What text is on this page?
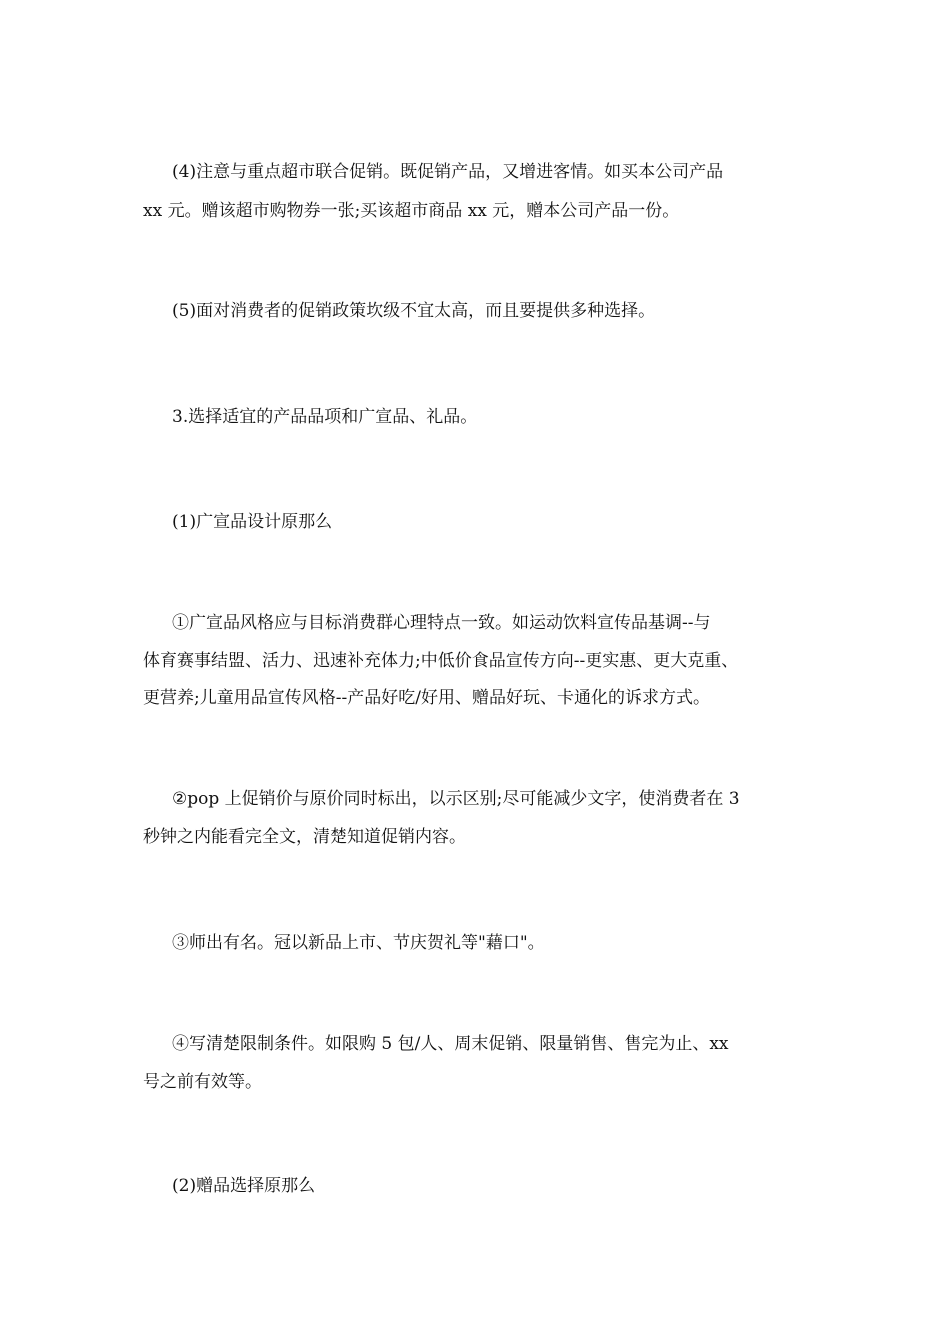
(4)注意与重点超市联合促销。既促销产品，又增进客情。如买本公司产品
xx 元。赠该超市购物券一张;买该超市商品 xx 元，赠本公司产品一份。
(5)面对消费者的促销政策坎级不宜太高，而且要提供多种选择。
3.选择适宜的产品品项和广宣品、礼品。
(1)广宣品设计原那么
①广宣品风格应与目标消费群心理特点一致。如运动饮料宣传品基调--与
体育赛事结盟、活力、迅速补充体力;中低价食品宣传方向--更实惠、更大克重、
更营养;儿童用品宣传风格--产品好吃/好用、赠品好玩、卡通化的诉求方式。
②pop 上促销价与原价同时标出，以示区别;尽可能减少文字，使消费者在 3
秒钟之内能看完全文，清楚知道促销内容。
③师出有名。冠以新品上市、节庆贺礼等"藉口"。
④写清楚限制条件。如限购 5 包/人、周末促销、限量销售、售完为止、xx
号之前有效等。
(2)赠品选择原那么
